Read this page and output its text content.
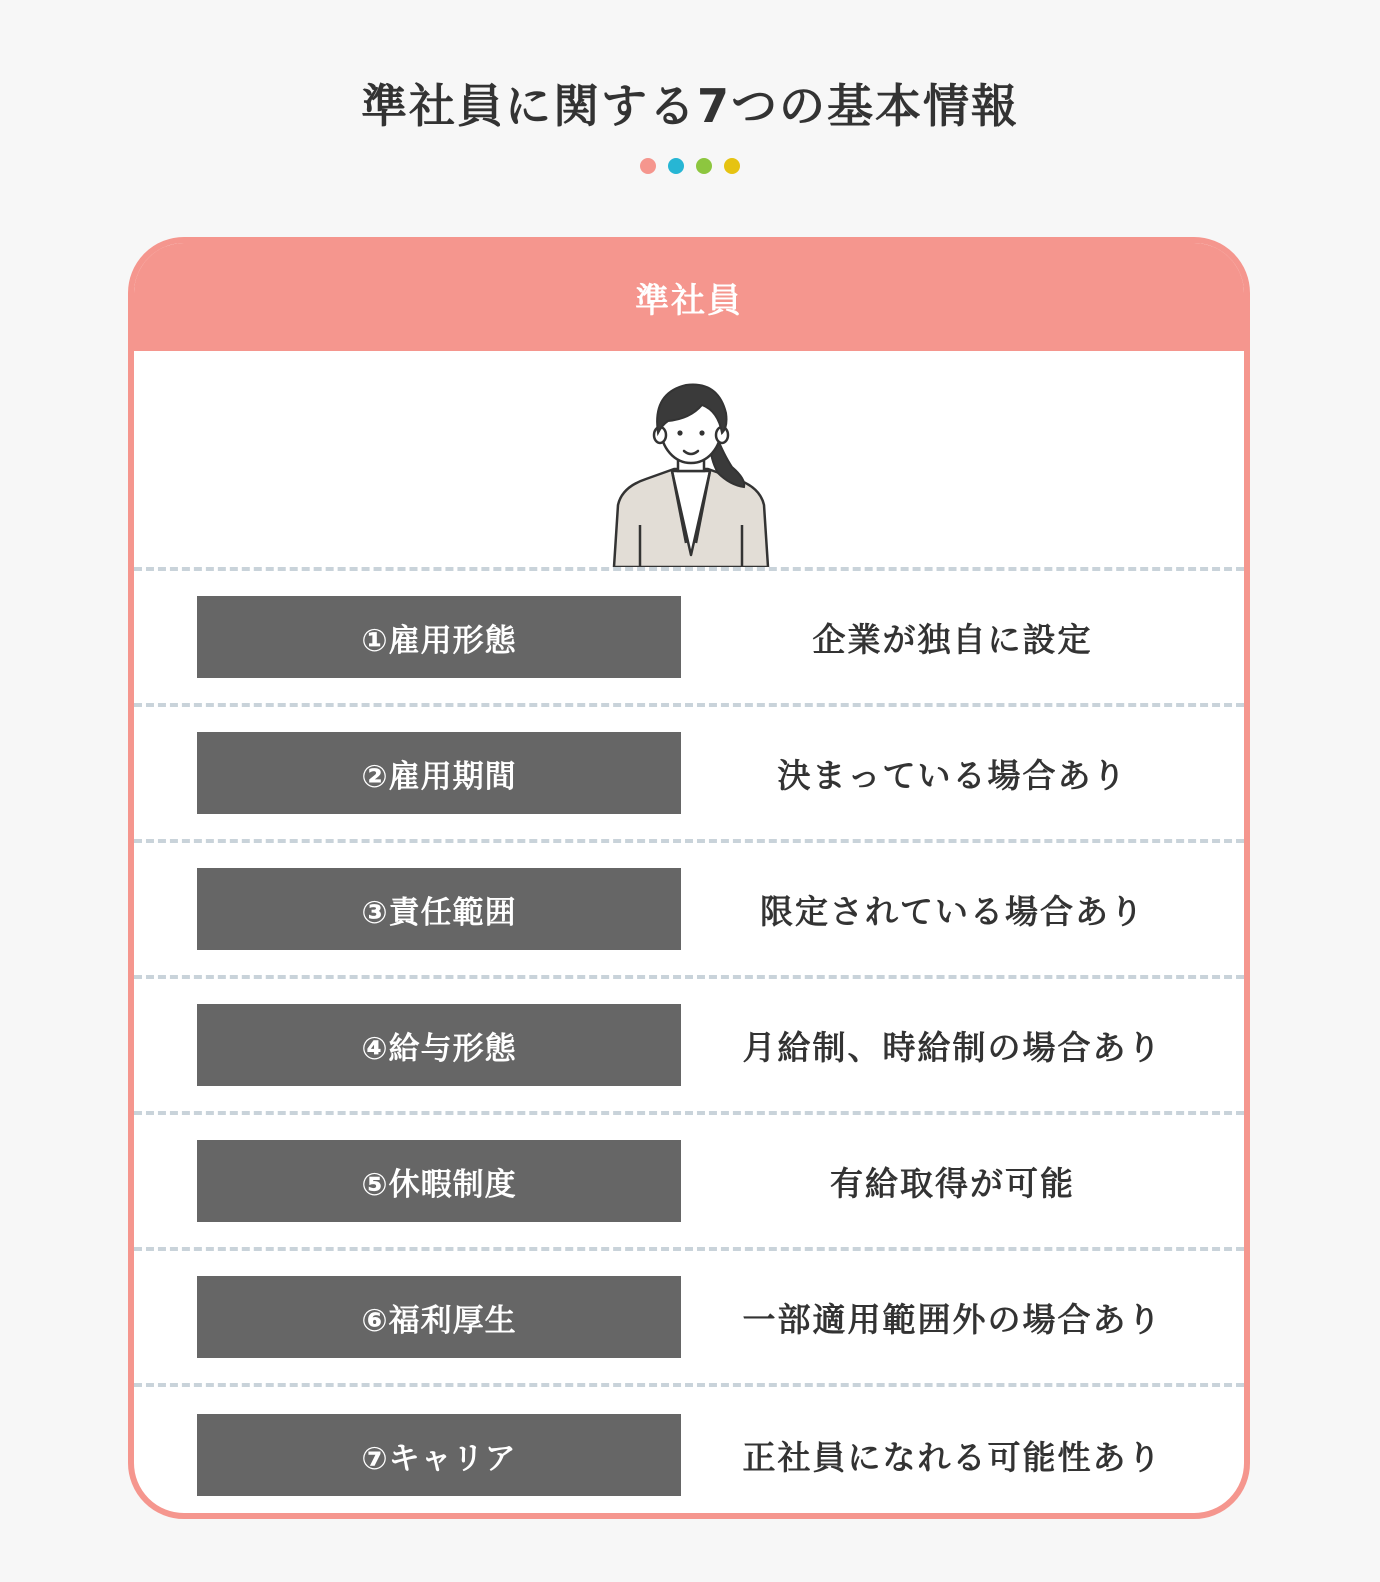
準社員に関する7つの基本情報
準社員
①雇用形態	企業が独自に設定
②雇用期間	決まっている場合あり
③責任範囲	限定されている場合あり
④給与形態	月給制、時給制の場合あり
⑤休暇制度	有給取得が可能
⑥福利厚生	一部適用範囲外の場合あり
⑦キャリア	正社員になれる可能性あり
